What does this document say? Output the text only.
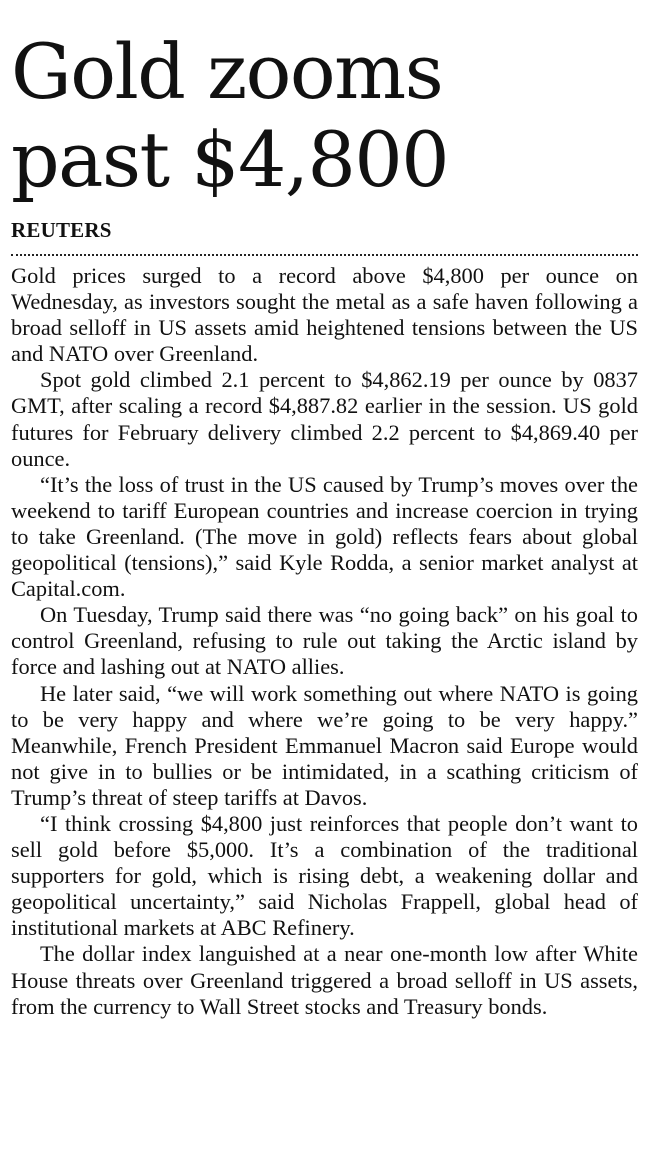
Gold zooms
past $4,800
REUTERS

Gold prices surged to a record above $4,800 per ounce on Wednesday, as investors sought the metal as a safe haven following a broad selloff in US assets amid heightened tensions between the US and NATO over Greenland.

Spot gold climbed 2.1 percent to $4,862.19 per ounce by 0837 GMT, after scaling a record $4,887.82 earlier in the session. US gold futures for February delivery climbed 2.2 percent to $4,869.40 per ounce.

“It’s the loss of trust in the US caused by Trump’s moves over the weekend to tariff European countries and increase coercion in trying to take Greenland. (The move in gold) reflects fears about global geopolitical (tensions),” said Kyle Rodda, a senior market analyst at Capital.com.

On Tuesday, Trump said there was “no going back” on his goal to control Greenland, refusing to rule out taking the Arctic island by force and lashing out at NATO allies.

He later said, “we will work something out where NATO is going to be very happy and where we’re going to be very happy.” Meanwhile, French President Emmanuel Macron said Europe would not give in to bullies or be intimidated, in a scathing criticism of Trump’s threat of steep tariffs at Davos.

“I think crossing $4,800 just reinforces that people don’t want to sell gold before $5,000. It’s a combination of the traditional supporters for gold, which is rising debt, a weakening dollar and geopolitical uncertainty,” said Nicholas Frappell, global head of institutional markets at ABC Refinery.

The dollar index languished at a near one-month low after White House threats over Greenland triggered a broad selloff in US assets, from the currency to Wall Street stocks and Treasury bonds.
